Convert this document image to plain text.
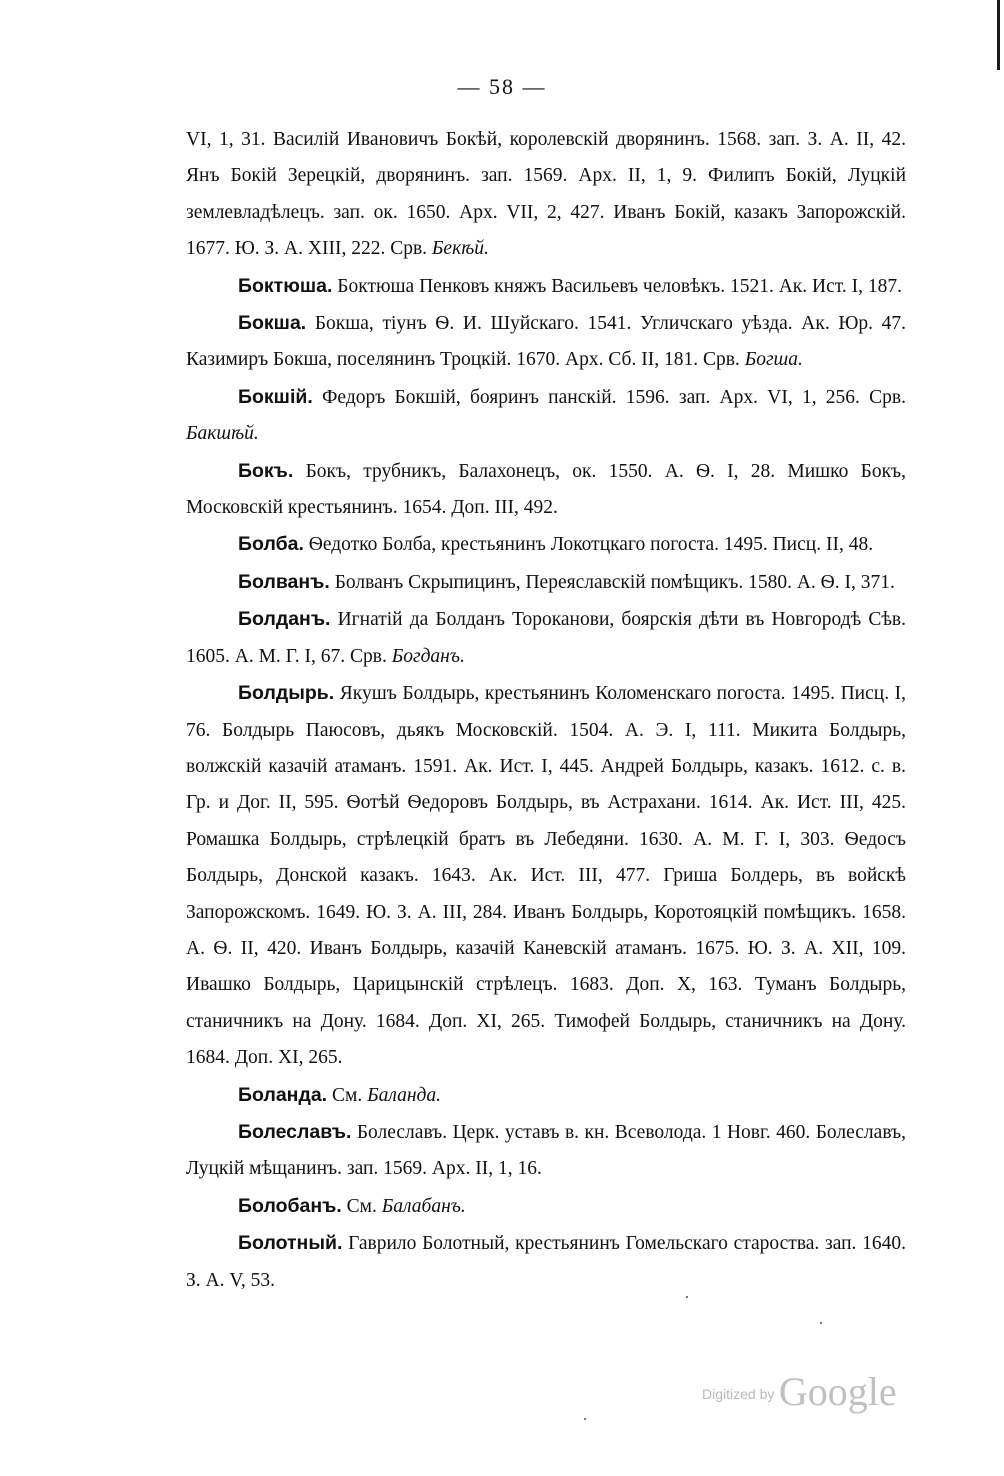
— 58 —

VI, 1, 31. Василiй Ивановичъ Бокѣй, королевскiй дворянинъ. 1568. зап. З. А. II, 42. Янъ Бокiй Зерецкiй, дворянинъ. зап. 1569. Арх. II, 1, 9. Филипъ Бокiй, Луцкiй землевладѣлецъ. зап. ок. 1650. Арх. VII, 2, 427. Иванъ Бокiй, казакъ Запорожскiй. 1677. Ю. З. А. XIII, 222. Срв. Бекѣй.

Боктюша. Боктюша Пенковъ княжъ Васильевъ человѣкъ. 1521. Ак. Ист. I, 187.

Бокша. Бокша, тiунъ Ѳ. И. Шуйскаго. 1541. Угличскаго уѣзда. Ак. Юр. 47. Казимиръ Бокша, поселянинъ Троцкiй. 1670. Арх. Сб. II, 181. Срв. Богша.

Бокшiй. Федоръ Бокшiй, бояринъ панскiй. 1596. зап. Арх. VI, 1, 256. Срв. Бакшѣй.

Бокъ. Бокъ, трубникъ, Балахонецъ, ок. 1550. А. Ѳ. I, 28. Мишко Бокъ, Московскiй крестьянинъ. 1654. Доп. III, 492.

Болба. Ѳедотко Болба, крестьянинъ Локотцкаго погоста. 1495. Писц. II, 48.

Болванъ. Болванъ Скрыпицинъ, Переяславскiй помѣщикъ. 1580. А. Ѳ. I, 371.

Болданъ. Игнатiй да Болданъ Тороканови, боярскiя дѣти въ Новгородѣ Сѣв. 1605. А. М. Г. I, 67. Срв. Богданъ.

Болдырь. Якушъ Болдырь, крестьянинъ Коломенскаго погоста. 1495. Писц. I, 76. Болдырь Паюсовъ, дьякъ Московскiй. 1504. А. Э. I, 111. Микита Болдырь, волжскiй казачiй атаманъ. 1591. Ак. Ист. I, 445. Андрей Болдырь, казакъ. 1612. с. в. Гр. и Дог. II, 595. Ѳотѣй Ѳедоровъ Болдырь, въ Астрахани. 1614. Ак. Ист. III, 425. Ромашка Болдырь, стрѣлецкiй братъ въ Лебедяни. 1630. А. М. Г. I, 303. Ѳедосъ Болдырь, Донской казакъ. 1643. Ак. Ист. III, 477. Гриша Болдерь, въ войскѣ Запорожскомъ. 1649. Ю. З. А. III, 284. Иванъ Болдырь, Коротояцкiй помѣщикъ. 1658. А. Ѳ. II, 420. Иванъ Болдырь, казачiй Каневскiй атаманъ. 1675. Ю. З. А. XII, 109. Ивашко Болдырь, Царицынскiй стрѣлецъ. 1683. Доп. X, 163. Туманъ Болдырь, станичникъ на Дону. 1684. Доп. XI, 265. Тимофей Болдырь, станичникъ на Дону. 1684. Доп. XI, 265.

Боланда. См. Баланда.

Болеславъ. Болеславъ. Церк. уставъ в. кн. Всеволода. 1 Новг. 460. Болеславъ, Луцкiй мѣщанинъ. зап. 1569. Арх. II, 1, 16.

Болобанъ. См. Балабанъ.

Болотный. Гаврило Болотный, крестьянинъ Гомельскаго староства. зап. 1640. З. А. V, 53.

Digitized by Google
